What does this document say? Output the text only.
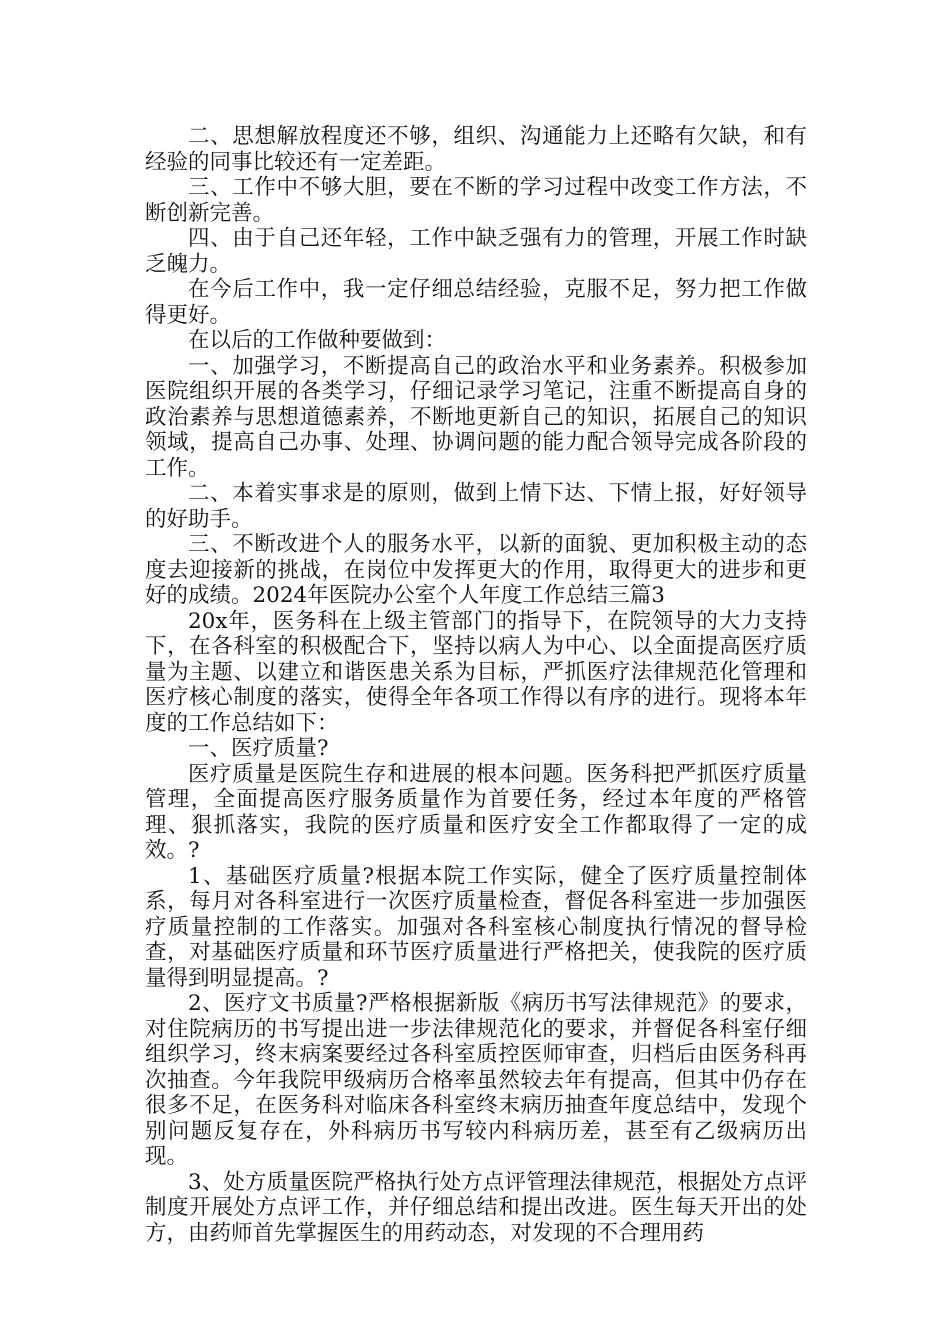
二、思想解放程度还不够，组织、沟通能力上还略有欠缺，和有经验的同事比较还有一定差距。

三、工作中不够大胆，要在不断的学习过程中改变工作方法，不断创新完善。

四、由于自己还年轻，工作中缺乏强有力的管理，开展工作时缺乏魄力。

在今后工作中，我一定仔细总结经验，克服不足，努力把工作做得更好。

在以后的工作做种要做到：

一、加强学习，不断提高自己的政治水平和业务素养。积极参加医院组织开展的各类学习，仔细记录学习笔记，注重不断提高自身的政治素养与思想道德素养，不断地更新自己的知识，拓展自己的知识领域，提高自己办事、处理、协调问题的能力配合领导完成各阶段的工作。

二、本着实事求是的原则，做到上情下达、下情上报，好好领导的好助手。

三、不断改进个人的服务水平，以新的面貌、更加积极主动的态度去迎接新的挑战，在岗位中发挥更大的作用，取得更大的进步和更好的成绩。2024年医院办公室个人年度工作总结三篇3

20x年，医务科在上级主管部门的指导下，在院领导的大力支持下，在各科室的积极配合下，坚持以病人为中心、以全面提高医疗质量为主题、以建立和谐医患关系为目标，严抓医疗法律规范化管理和医疗核心制度的落实，使得全年各项工作得以有序的进行。现将本年度的工作总结如下：

一、医疗质量?

医疗质量是医院生存和进展的根本问题。医务科把严抓医疗质量管理，全面提高医疗服务质量作为首要任务，经过本年度的严格管理、狠抓落实，我院的医疗质量和医疗安全工作都取得了一定的成效。?

1、基础医疗质量?根据本院工作实际，健全了医疗质量控制体系，每月对各科室进行一次医疗质量检查，督促各科室进一步加强医疗质量控制的工作落实。加强对各科室核心制度执行情况的督导检查，对基础医疗质量和环节医疗质量进行严格把关，使我院的医疗质量得到明显提高。?

2、医疗文书质量?严格根据新版《病历书写法律规范》的要求，对住院病历的书写提出进一步法律规范化的要求，并督促各科室仔细组织学习，终末病案要经过各科室质控医师审查，归档后由医务科再次抽查。今年我院甲级病历合格率虽然较去年有提高，但其中仍存在很多不足，在医务科对临床各科室终末病历抽查年度总结中，发现个别问题反复存在，外科病历书写较内科病历差，甚至有乙级病历出现。

3、处方质量医院严格执行处方点评管理法律规范，根据处方点评制度开展处方点评工作，并仔细总结和提出改进。医生每天开出的处方，由药师首先掌握医生的用药动态，对发现的不合理用药
